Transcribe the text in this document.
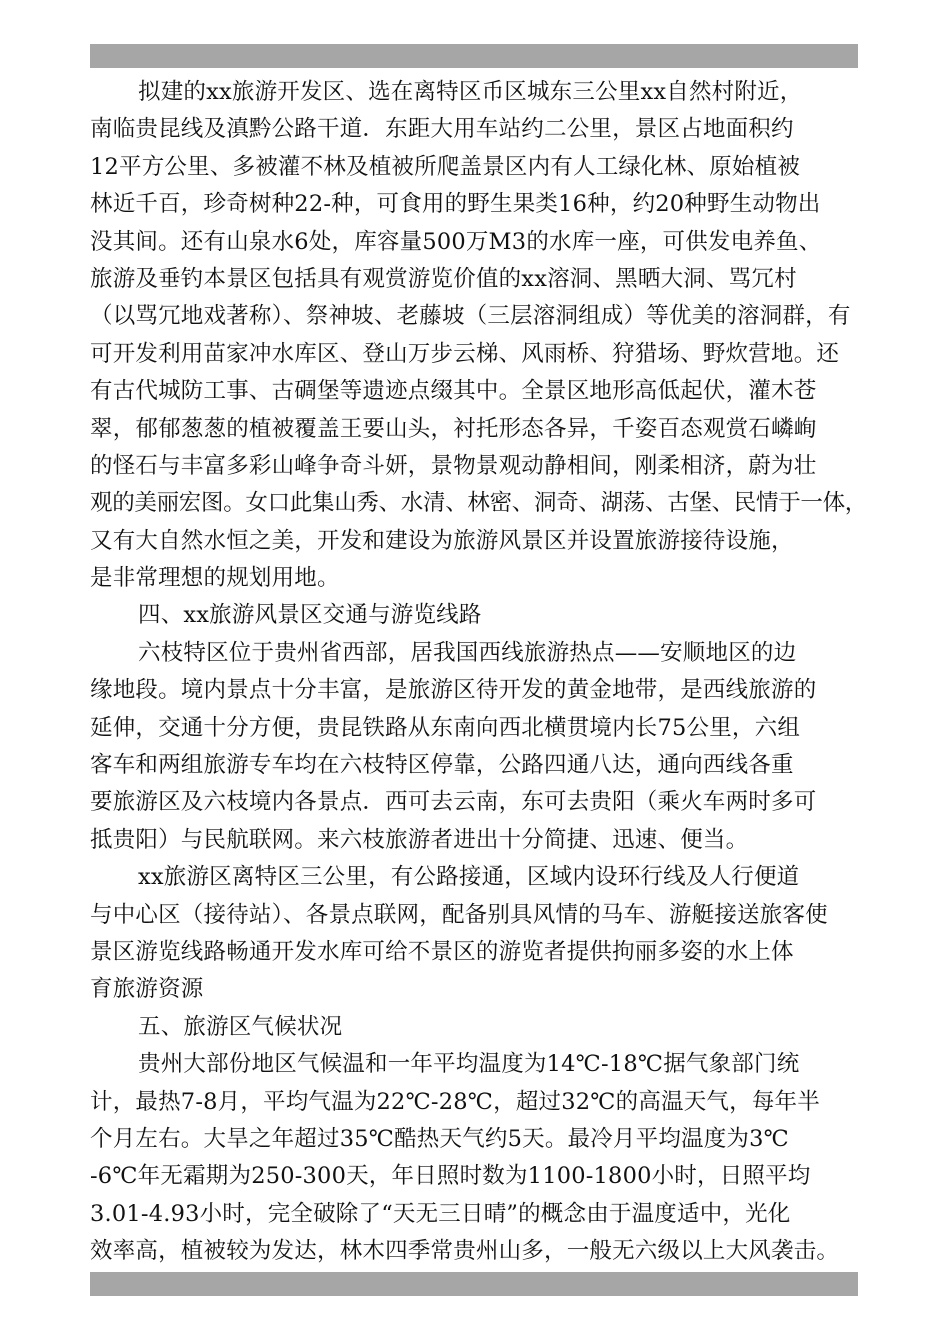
拟建的xx旅游开发区、选在离特区币区城东三公里xx自然村附近，
南临贵昆线及滇黔公路干道．东距大用车站约二公里，景区占地面积约
12平方公里、多被灌不林及植被所爬盖景区内有人工绿化林、原始植被
林近千百，珍奇树种22-种，可食用的野生果类16种，约20种野生动物出
没其间。还有山泉水6处，库容量500万M3的水库一座，可供发电养鱼、
旅游及垂钓本景区包括具有观赏游览价值的xx溶洞、黑晒大洞、骂冗村
（以骂冗地戏著称）、祭神坡、老藤坡（三层溶洞组成）等优美的溶洞群，有
可开发利用苗家冲水库区、登山万步云梯、风雨桥、狩猎场、野炊营地。还
有古代城防工事、古碉堡等遗迹点缀其中。全景区地形高低起伏，灌木苍
翠，郁郁葱葱的植被覆盖王要山头，衬托形态各异，千姿百态观赏石嶙峋
的怪石与丰富多彩山峰争奇斗妍，景物景观动静相间，刚柔相济，蔚为壮
观的美丽宏图。女口此集山秀、水清、林密、洞奇、湖荡、古堡、民情于一体，
又有大自然水恒之美，开发和建设为旅游风景区并设置旅游接待设施，
是非常理想的规划用地。
四、xx旅游风景区交通与游览线路
六枝特区位于贵州省西部，居我国西线旅游热点——安顺地区的边
缘地段。境内景点十分丰富，是旅游区待开发的黄金地带，是西线旅游的
延伸，交通十分方便，贵昆铁路从东南向西北横贯境内长75公里，六组
客车和两组旅游专车均在六枝特区停靠，公路四通八达，通向西线各重
要旅游区及六枝境内各景点．西可去云南，东可去贵阳（乘火车两时多可
抵贵阳）与民航联网。来六枝旅游者进出十分简捷、迅速、便当。
xx旅游区离特区三公里，有公路接通，区域内设环行线及人行便道
与中心区（接待站）、各景点联网，配备别具风情的马车、游艇接送旅客使
景区游览线路畅通开发水库可给不景区的游览者提供拘丽多姿的水上体
育旅游资源
五、旅游区气候状况
贵州大部份地区气候温和一年平均温度为14℃-18℃据气象部门统
计，最热7-8月，平均气温为22℃-28℃，超过32℃的高温天气，每年半
个月左右。大旱之年超过35℃酷热天气约5天。最冷月平均温度为3℃
-6℃年无霜期为250-300天，年日照时数为1100-1800小时，日照平均
3.01-4.93小时，完全破除了“天无三日晴”的概念由于温度适中，光化
效率高，植被较为发达，林木四季常贵州山多，一般无六级以上大风袭击。
